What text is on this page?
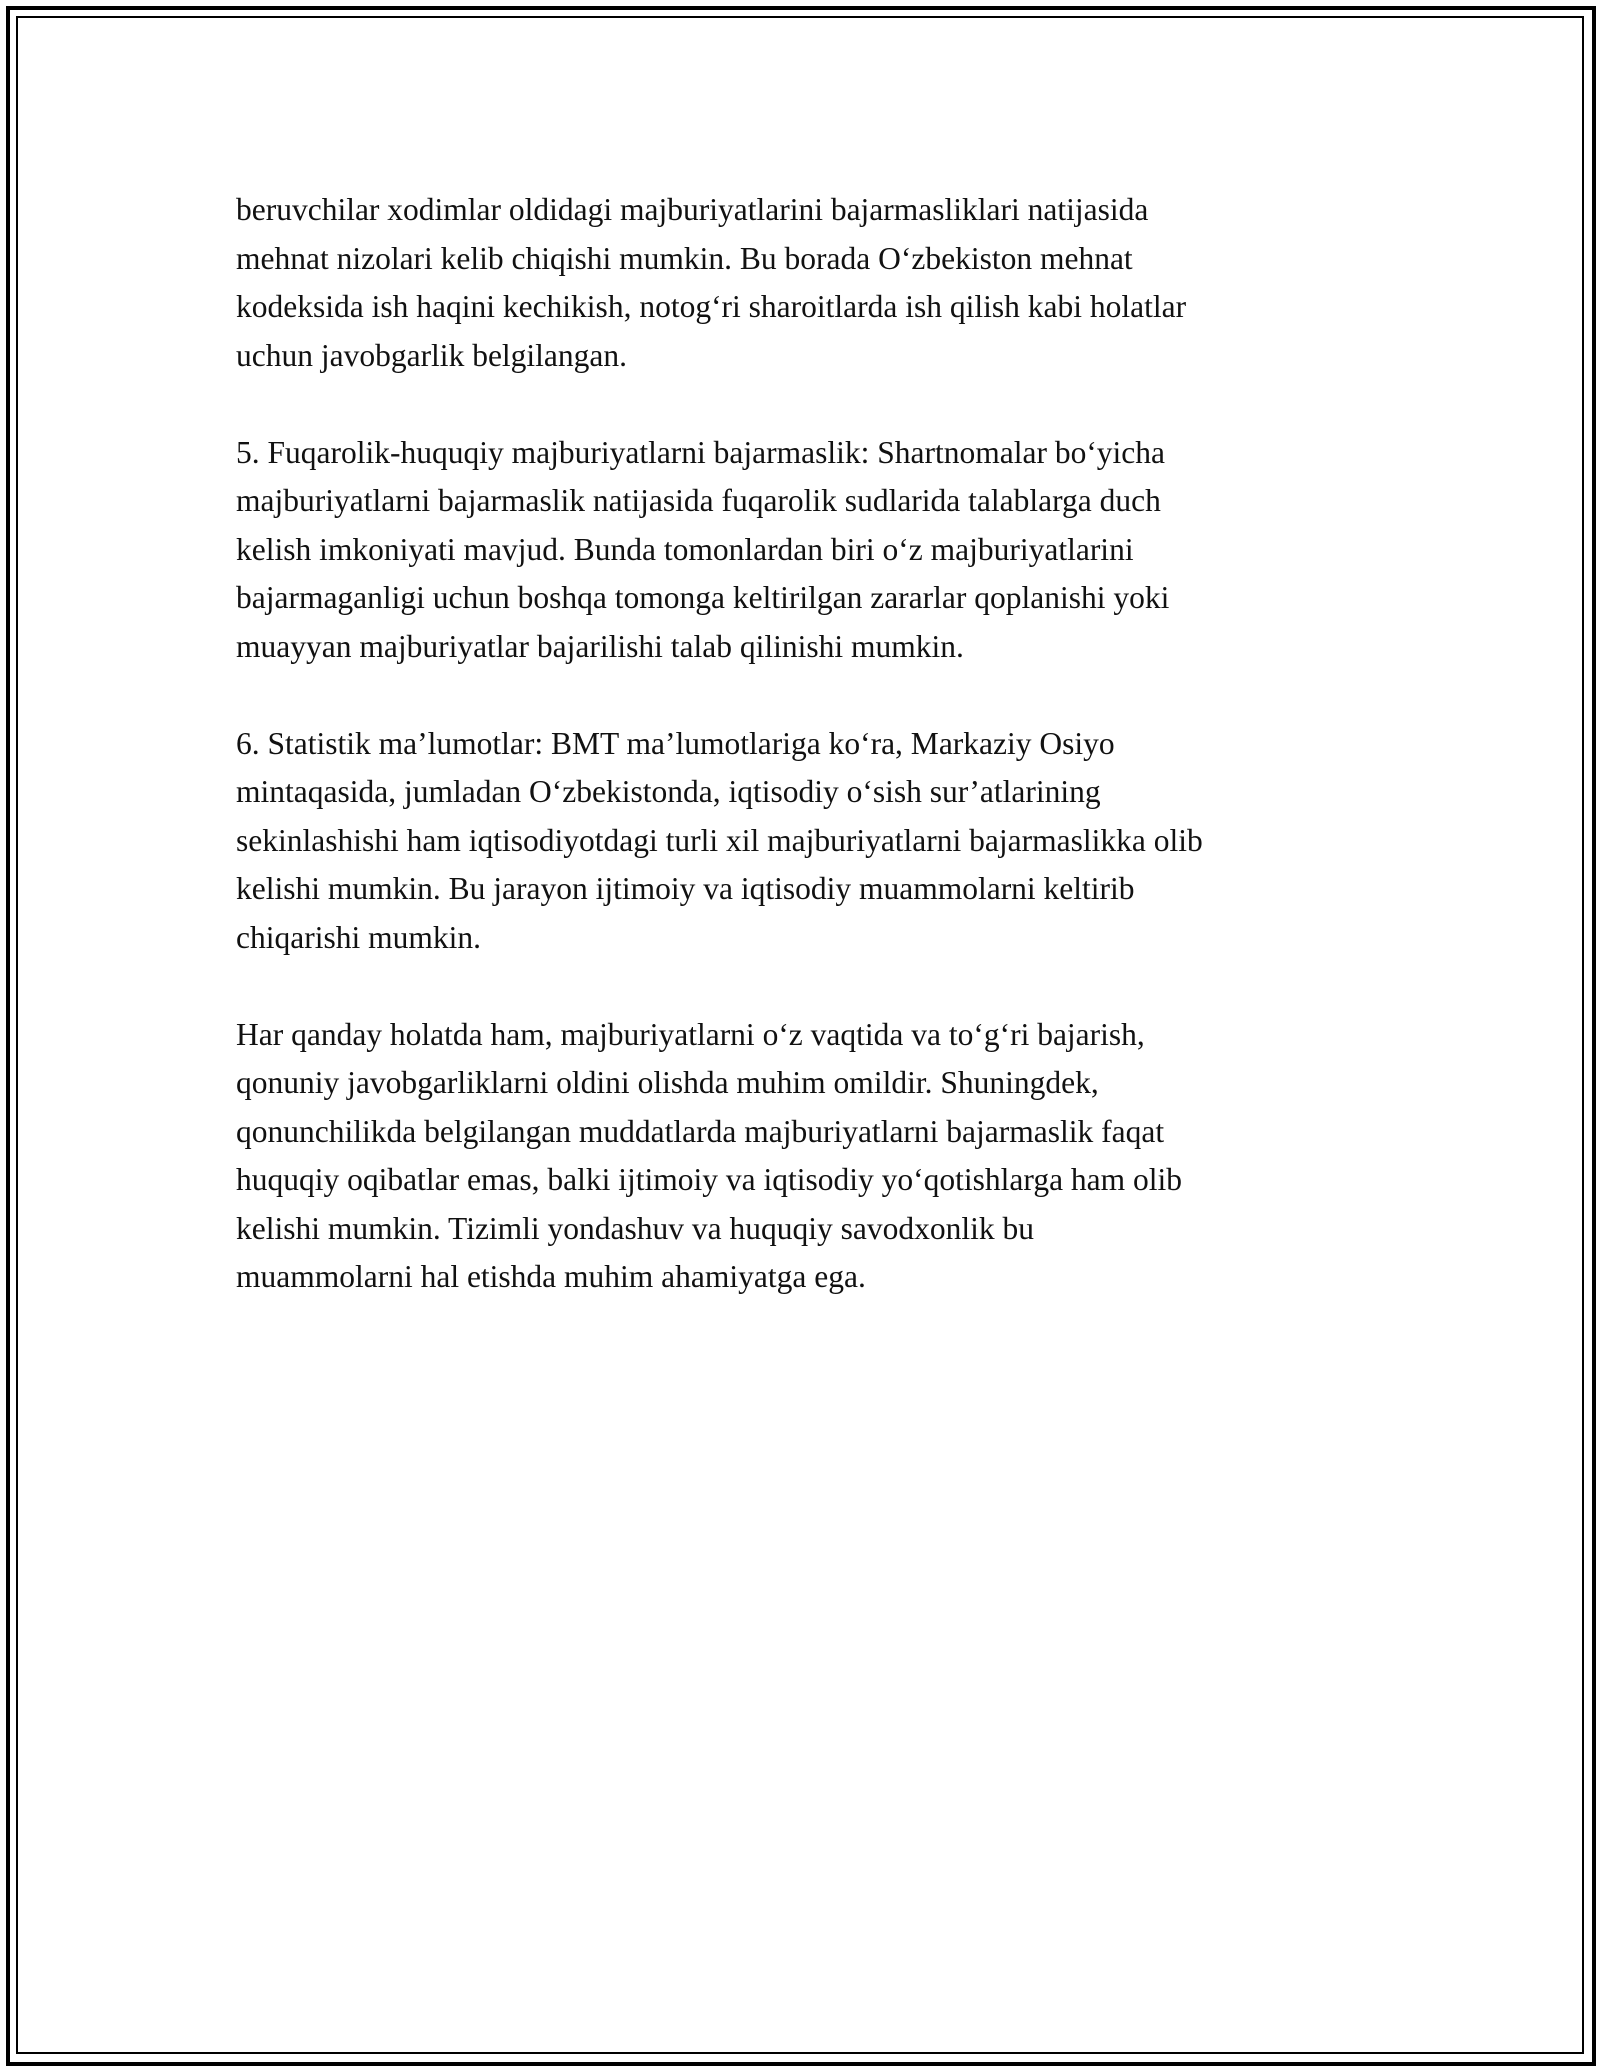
beruvchilar xodimlar oldidagi majburiyatlarini bajarmasliklari natijasida
mehnat nizolari kelib chiqishi mumkin. Bu borada O‘zbekiston mehnat
kodeksida ish haqini kechikish, notog‘ri sharoitlarda ish qilish kabi holatlar
uchun javobgarlik belgilangan.

5. Fuqarolik-huquqiy majburiyatlarni bajarmaslik: Shartnomalar bo‘yicha
majburiyatlarni bajarmaslik natijasida fuqarolik sudlarida talablarga duch
kelish imkoniyati mavjud. Bunda tomonlardan biri o‘z majburiyatlarini
bajarmaganligi uchun boshqa tomonga keltirilgan zararlar qoplanishi yoki
muayyan majburiyatlar bajarilishi talab qilinishi mumkin.

6. Statistik ma’lumotlar: BMT ma’lumotlariga ko‘ra, Markaziy Osiyo
mintaqasida, jumladan O‘zbekistonda, iqtisodiy o‘sish sur’atlarining
sekinlashishi ham iqtisodiyotdagi turli xil majburiyatlarni bajarmaslikka olib
kelishi mumkin. Bu jarayon ijtimoiy va iqtisodiy muammolarni keltirib
chiqarishi mumkin.

Har qanday holatda ham, majburiyatlarni o‘z vaqtida va to‘g‘ri bajarish,
qonuniy javobgarliklarni oldini olishda muhim omildir. Shuningdek,
qonunchilikda belgilangan muddatlarda majburiyatlarni bajarmaslik faqat
huquqiy oqibatlar emas, balki ijtimoiy va iqtisodiy yo‘qotishlarga ham olib
kelishi mumkin. Tizimli yondashuv va huquqiy savodxonlik bu
muammolarni hal etishda muhim ahamiyatga ega.
